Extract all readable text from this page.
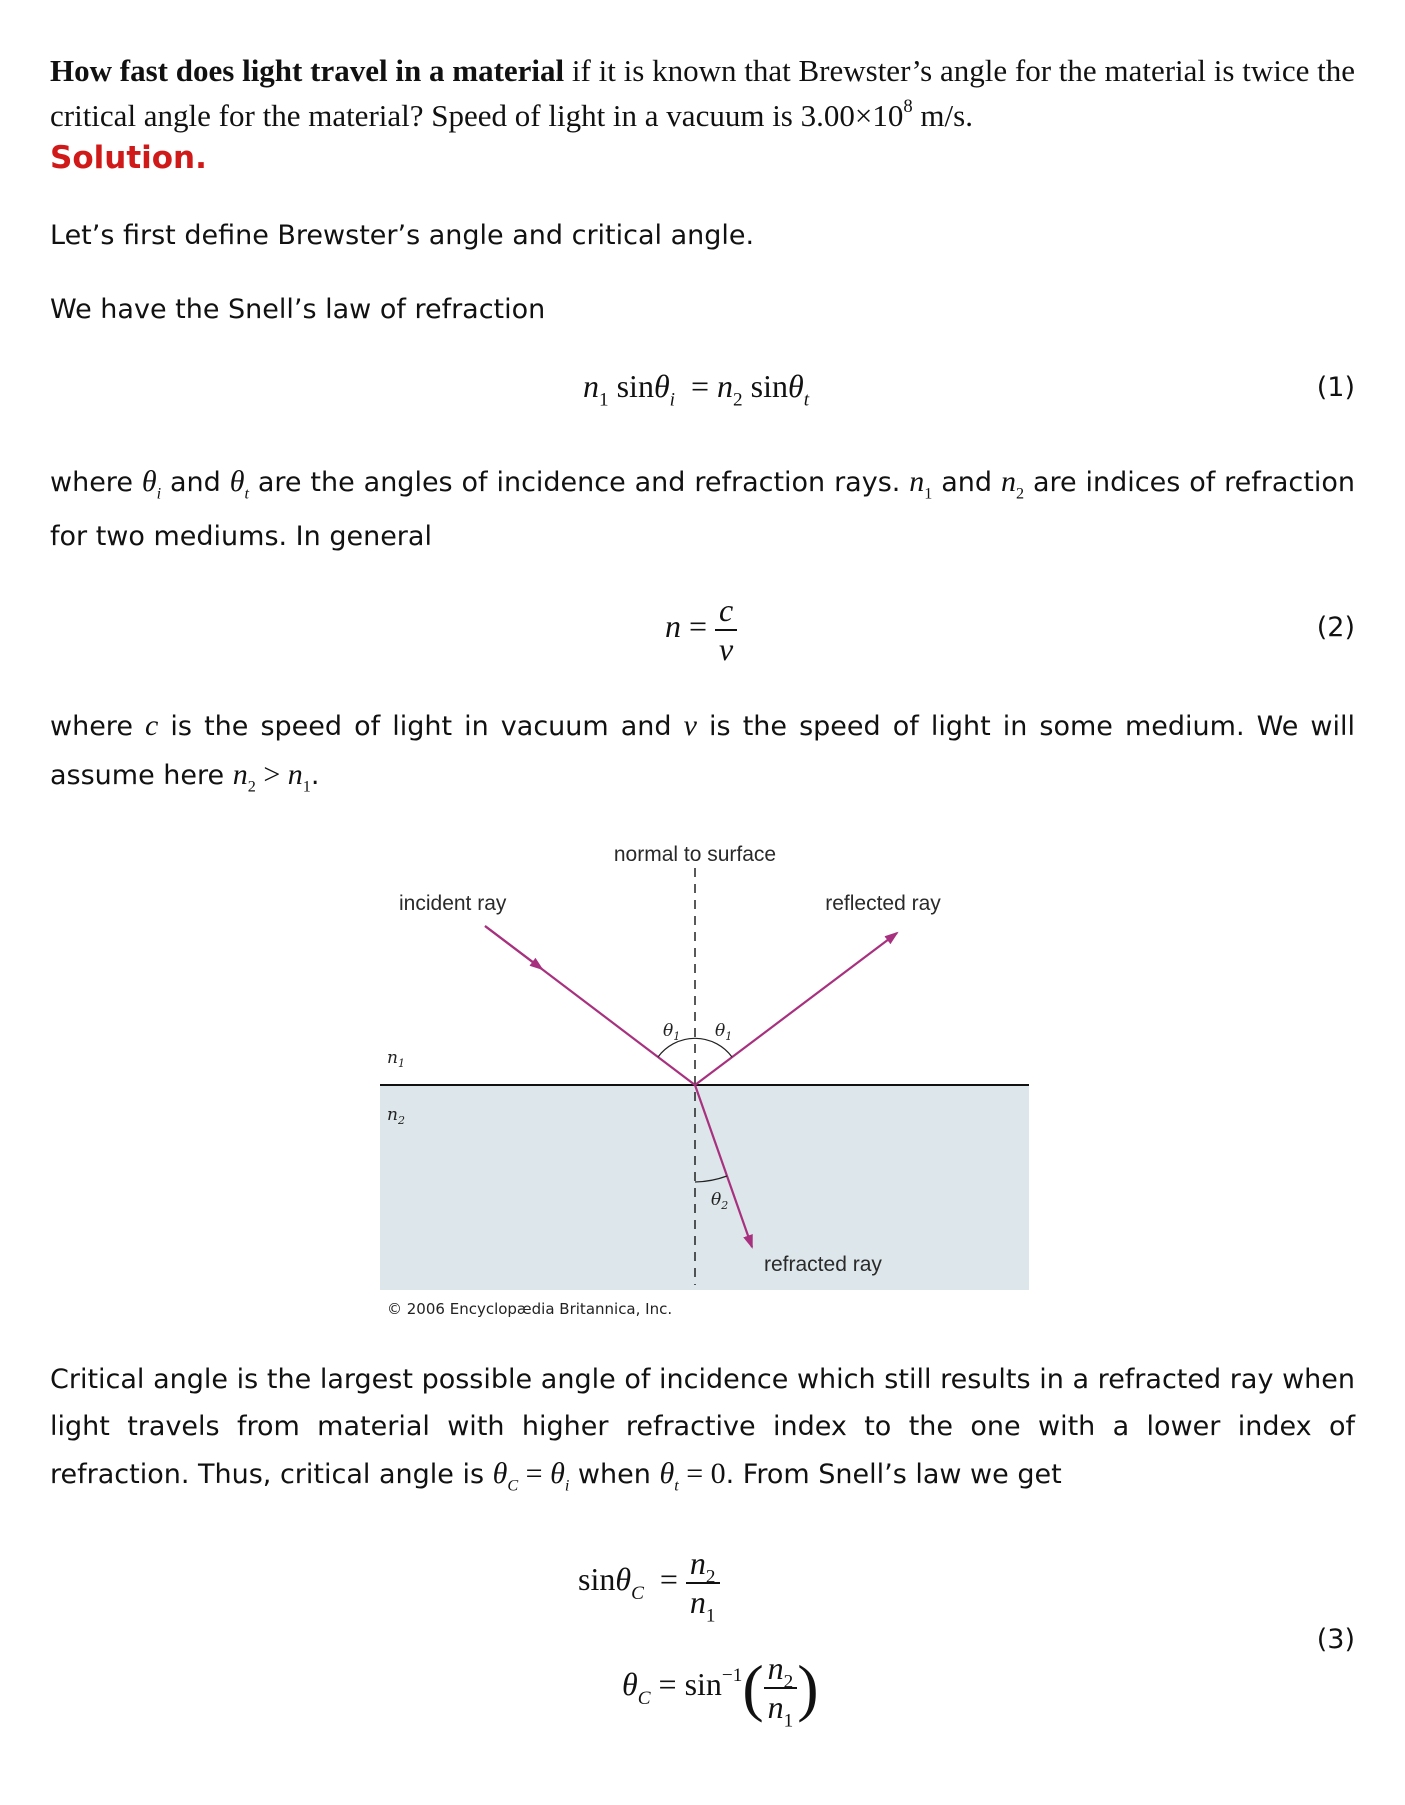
How fast does light travel in a material if it is known that Brewster’s angle for the material is twice the critical angle for the material? Speed of light in a vacuum is $3.00\times 10^8$ m/s.
Solution.
Let’s first define Brewster’s angle and critical angle.
We have the Snell’s law of refraction
$n_1$ $\sin\theta_i = n_2$ sinθ$_t$	(1)
where $\theta_i$ and $\theta_t$ are the angles of incidence and refraction rays. $n_1$ and $n_2$ are indices of refraction for two mediums. In general
$n = \frac{c}{v}$	(2)
where c is the speed of light in vacuum and v is the speed of light in some medium. We will assume here $n_2 > n_1$.
normal to surface
incident ray	reflected ray
refracted ray
$\theta_1$ $\theta_1$
$\theta_2$
$n_1$
$n_2$
© 2006 Encyclopædia Britannica, Inc.
Critical angle is the largest possible angle of incidence which still results in a refracted ray when light travels from material with higher refractive index to the one with a lower index of refraction. Thus, critical angle is $\theta_C = \theta_i$ when $\theta_t = 0$. From Snell’s law we get
$\sin\theta_C = \frac{n_2}{n_1}$
$\theta_C = \sin^{-1}( \frac{n_2}{n_1}$ )
(3)
